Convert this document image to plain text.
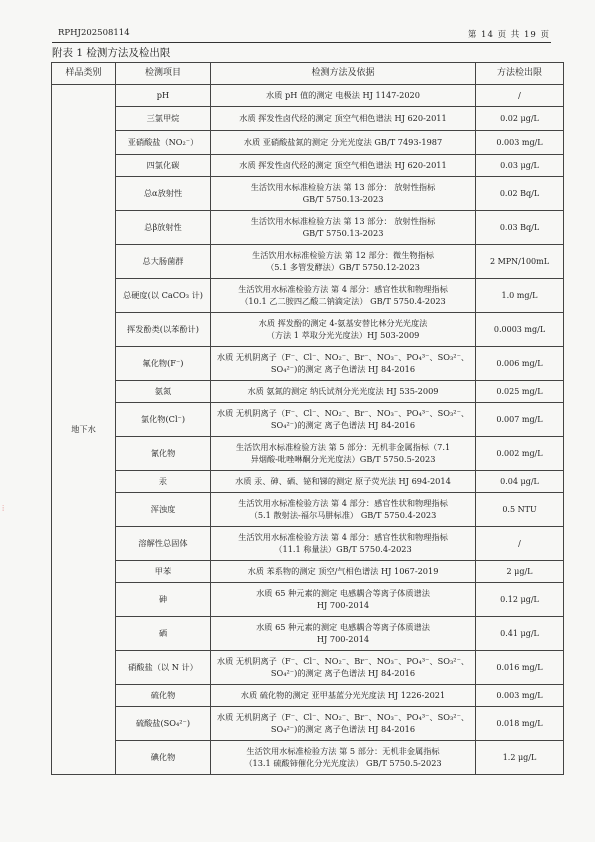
RPHJ202508114	第 14 页 共 19 页
附表 1 检测方法及检出限
样品类别	检测项目	检测方法及依据	方法检出限
地下水	pH	水质 pH 值的测定 电极法 HJ 1147-2020	/
	三氯甲烷	水质 挥发性卤代烃的测定 顶空气相色谱法 HJ 620-2011	0.02 μg/L
	亚硝酸盐（NO₂⁻）	水质 亚硝酸盐氮的测定 分光光度法 GB/T 7493-1987	0.003 mg/L
	四氯化碳	水质 挥发性卤代烃的测定 顶空气相色谱法 HJ 620-2011	0.03 μg/L
	总α放射性	生活饮用水标准检验方法 第 13 部分： 放射性指标
GB/T 5750.13-2023	0.02 Bq/L
	总β放射性	生活饮用水标准检验方法 第 13 部分： 放射性指标
GB/T 5750.13-2023	0.03 Bq/L
	总大肠菌群	生活饮用水标准检验方法 第 12 部分：微生物指标
（5.1 多管发酵法）GB/T 5750.12-2023	2 MPN/100mL
	总硬度(以 CaCO₃ 计)	生活饮用水标准检验方法 第 4 部分：感官性状和物理指标
（10.1 乙二胺四乙酸二钠滴定法） GB/T 5750.4-2023	1.0 mg/L
	挥发酚类(以苯酚计)	水质 挥发酚的测定 4-氨基安替比林分光光度法
（方法 1 萃取分光光度法）HJ 503-2009	0.0003 mg/L
	氟化物(F⁻)	水质 无机阴离子（F⁻、Cl⁻、NO₂⁻、Br⁻、NO₃⁻、PO₄³⁻、SO₃²⁻、
SO₄²⁻)的测定 离子色谱法 HJ 84-2016	0.006 mg/L
	氨氮	水质 氨氮的测定 纳氏试剂分光光度法 HJ 535-2009	0.025 mg/L
	氯化物(Cl⁻)	水质 无机阴离子（F⁻、Cl⁻、NO₂⁻、Br⁻、NO₃⁻、PO₄³⁻、SO₃²⁻、
SO₄²⁻)的测定 离子色谱法 HJ 84-2016	0.007 mg/L
	氰化物	生活饮用水标准检验方法 第 5 部分：无机非金属指标（7.1
异烟酸-吡唑啉酮分光光度法）GB/T 5750.5-2023	0.002 mg/L
	汞	水质 汞、砷、硒、铋和锑的测定 原子荧光法 HJ 694-2014	0.04 μg/L
	浑浊度	生活饮用水标准检验方法 第 4 部分：感官性状和物理指标
（5.1 散射法-福尔马肼标准） GB/T 5750.4-2023	0.5 NTU
	溶解性总固体	生活饮用水标准检验方法 第 4 部分：感官性状和物理指标
（11.1 称量法）GB/T 5750.4-2023	/
	甲苯	水质 苯系物的测定 顶空/气相色谱法 HJ 1067-2019	2 μg/L
	砷	水质 65 种元素的测定 电感耦合等离子体质谱法
HJ 700-2014	0.12 μg/L
	硒	水质 65 种元素的测定 电感耦合等离子体质谱法
HJ 700-2014	0.41 μg/L
	硝酸盐（以 N 计）	水质 无机阴离子（F⁻、Cl⁻、NO₂⁻、Br⁻、NO₃⁻、PO₄³⁻、SO₃²⁻、
SO₄²⁻)的测定 离子色谱法 HJ 84-2016	0.016 mg/L
	硫化物	水质 硫化物的测定 亚甲基蓝分光光度法 HJ 1226-2021	0.003 mg/L
	硫酸盐(SO₄²⁻)	水质 无机阴离子（F⁻、Cl⁻、NO₂⁻、Br⁻、NO₃⁻、PO₄³⁻、SO₃²⁻、
SO₄²⁻)的测定 离子色谱法 HJ 84-2016	0.018 mg/L
	碘化物	生活饮用水标准检验方法 第 5 部分：无机非金属指标
（13.1 硫酸铈催化分光光度法） GB/T 5750.5-2023	1.2 μg/L
⁞
